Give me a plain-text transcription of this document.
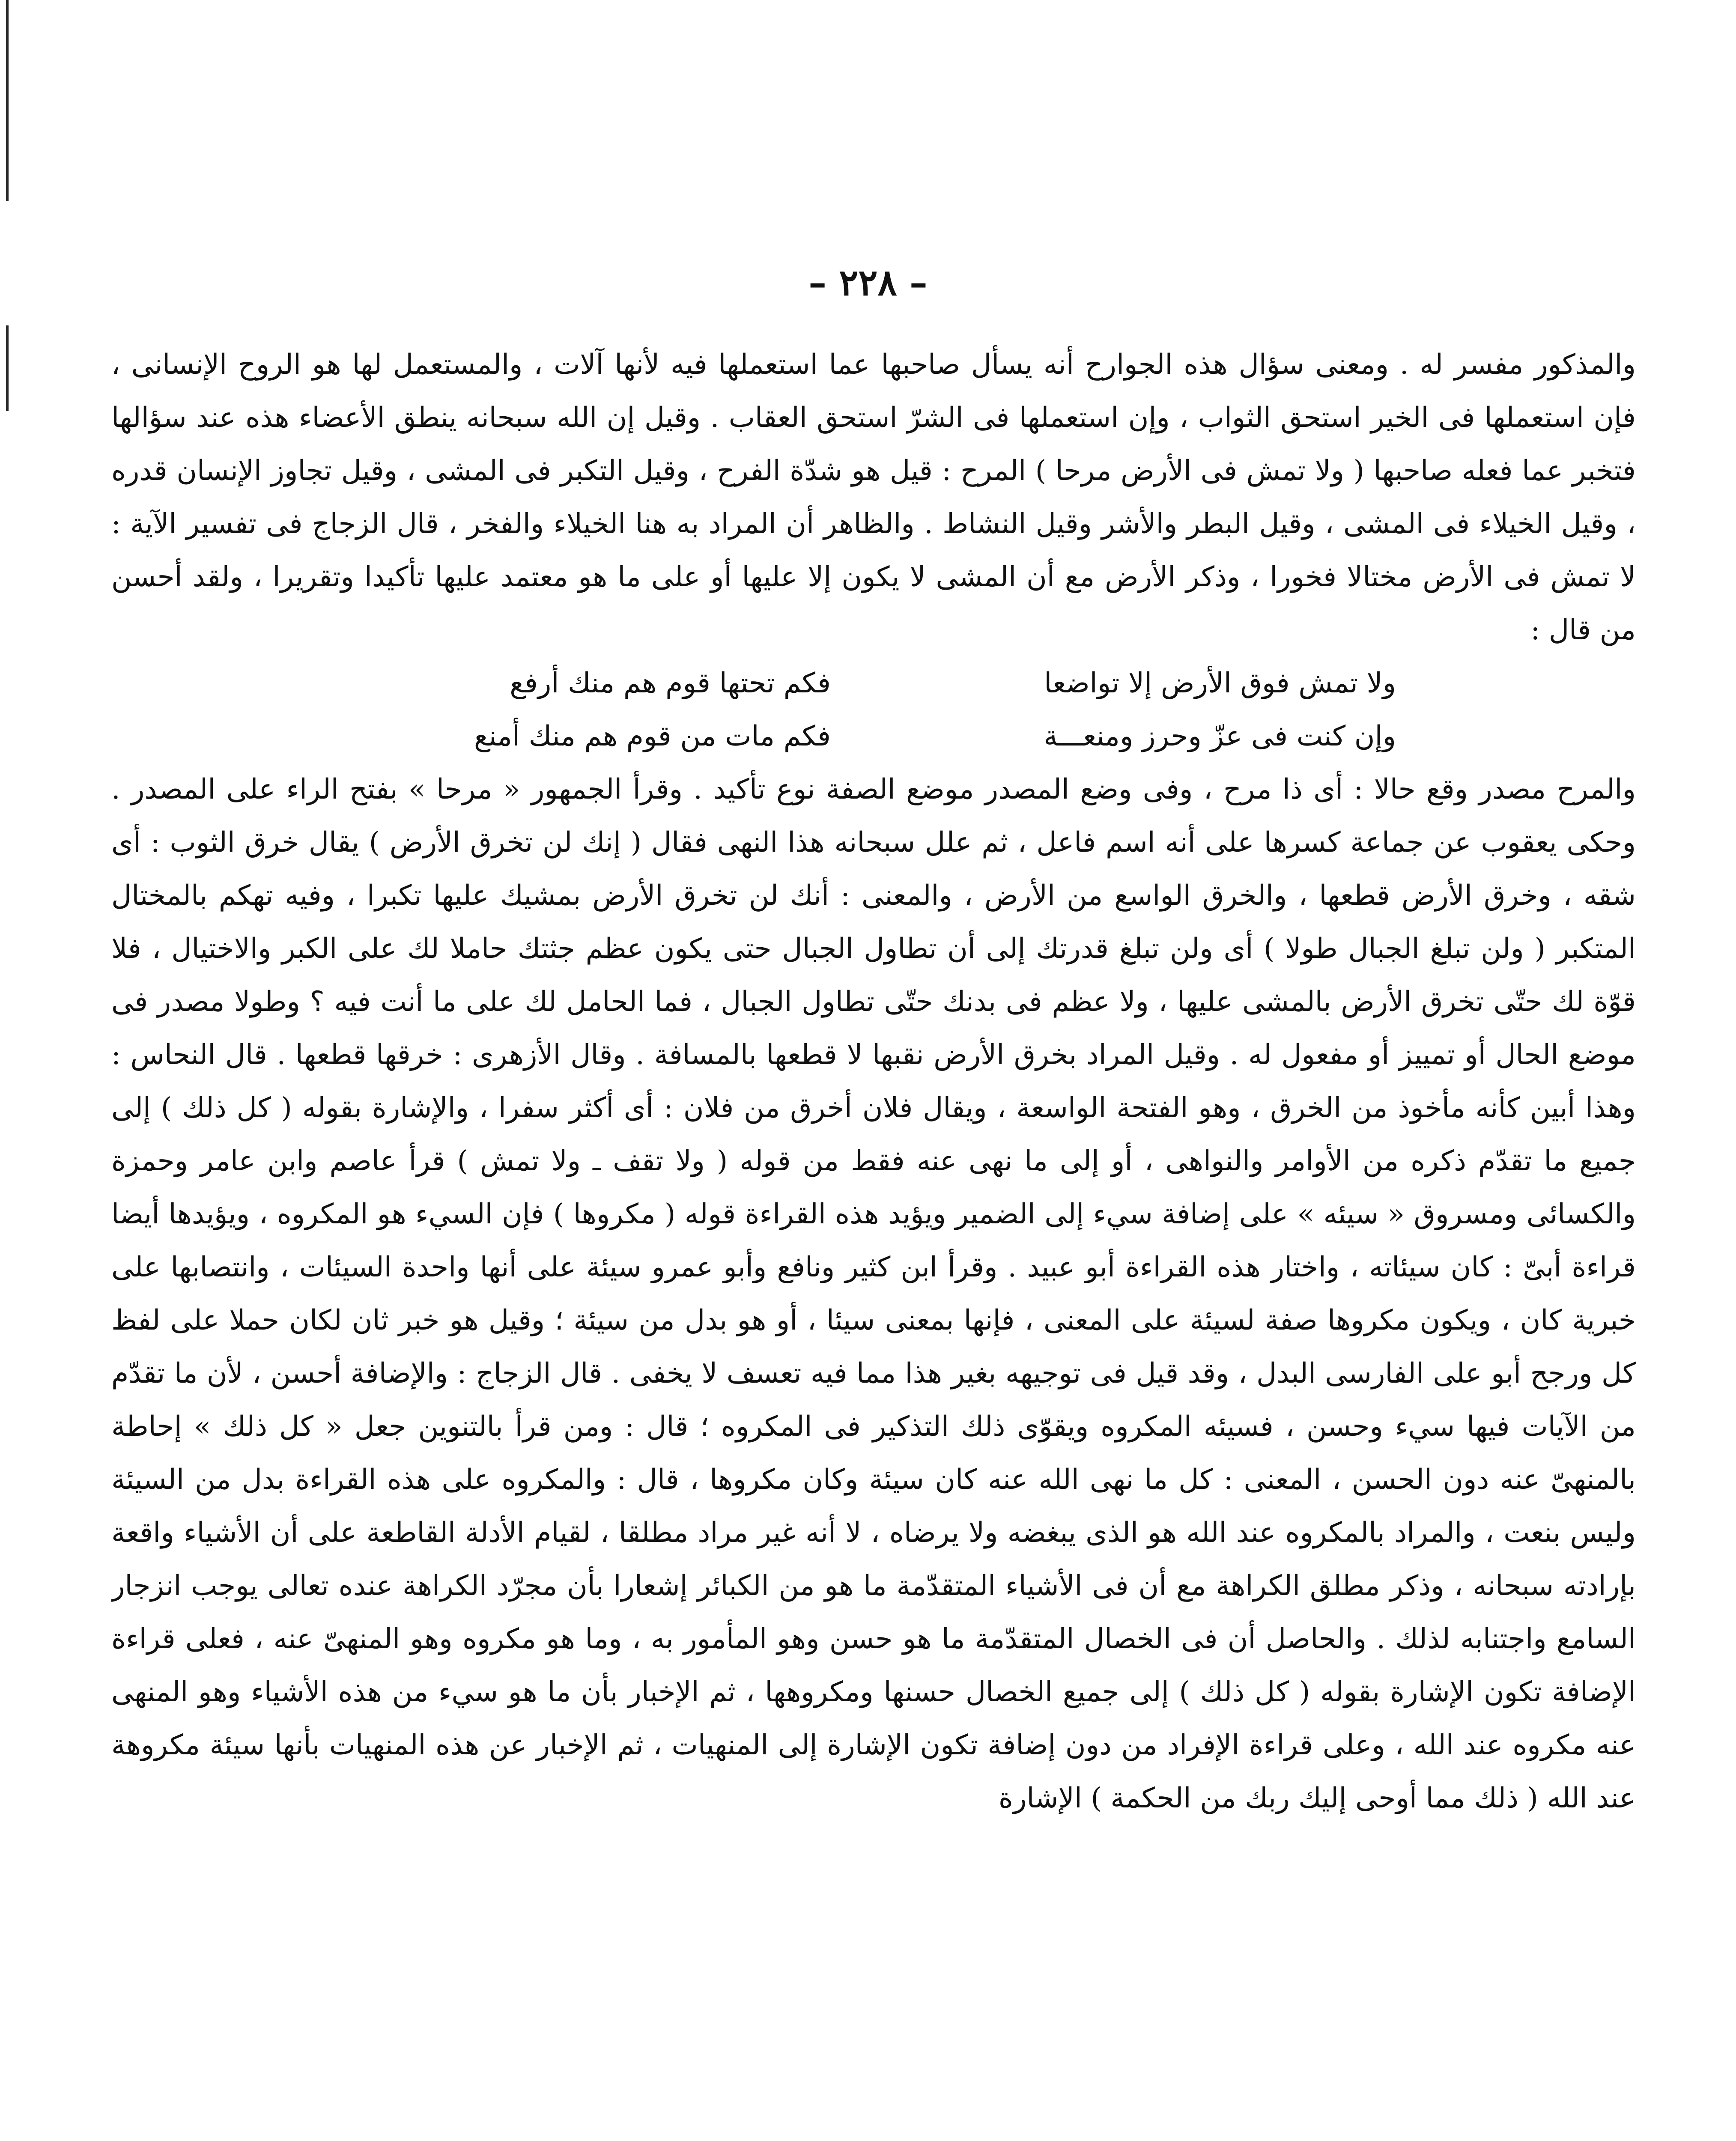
– ٢٢٨ –

والمذكور مفسر له . ومعنى سؤال هذه الجوارح أنه يسأل صاحبها عما استعملها فيه لأنها آلات ، والمستعمل لها هو الروح الإنسانى ، فإن استعملها فى الخير استحق الثواب ، وإن استعملها فى الشرّ استحق العقاب . وقيل إن الله سبحانه ينطق الأعضاء هذه عند سؤالها فتخبر عما فعله صاحبها ( ولا تمش فى الأرض مرحا ) المرح : قيل هو شدّة الفرح ، وقيل التكبر فى المشى ، وقيل تجاوز الإنسان قدره ، وقيل الخيلاء فى المشى ، وقيل البطر والأشر وقيل النشاط . والظاهر أن المراد به هنا الخيلاء والفخر ، قال الزجاج فى تفسير الآية : لا تمش فى الأرض مختالا فخورا ، وذكر الأرض مع أن المشى لا يكون إلا عليها أو على ما هو معتمد عليها تأكيدا وتقريرا ، ولقد أحسن من قال :

ولا تمش فوق الأرض إلا تواضعا
فكم تحتها قوم هم منك أرفع
وإن كنت فى عزّ وحرز ومنعـــة
فكم مات من قوم هم منك أمنع

والمرح مصدر وقع حالا : أى ذا مرح ، وفى وضع المصدر موضع الصفة نوع تأكيد . وقرأ الجمهور « مرحا » بفتح الراء على المصدر . وحكى يعقوب عن جماعة كسرها على أنه اسم فاعل ، ثم علل سبحانه هذا النهى فقال ( إنك لن تخرق الأرض ) يقال خرق الثوب : أى شقه ، وخرق الأرض قطعها ، والخرق الواسع من الأرض ، والمعنى : أنك لن تخرق الأرض بمشيك عليها تكبرا ، وفيه تهكم بالمختال المتكبر ( ولن تبلغ الجبال طولا ) أى ولن تبلغ قدرتك إلى أن تطاول الجبال حتى يكون عظم جثتك حاملا لك على الكبر والاختيال ، فلا قوّة لك حتّى تخرق الأرض بالمشى عليها ، ولا عظم فى بدنك حتّى تطاول الجبال ، فما الحامل لك على ما أنت فيه ؟ وطولا مصدر فى موضع الحال أو تمييز أو مفعول له . وقيل المراد بخرق الأرض نقبها لا قطعها بالمسافة . وقال الأزهرى : خرقها قطعها . قال النحاس : وهذا أبين كأنه مأخوذ من الخرق ، وهو الفتحة الواسعة ، ويقال فلان أخرق من فلان : أى أكثر سفرا ، والإشارة بقوله ( كل ذلك ) إلى جميع ما تقدّم ذكره من الأوامر والنواهى ، أو إلى ما نهى عنه فقط من قوله ( ولا تقف ـ ولا تمش ) قرأ عاصم وابن عامر وحمزة والكسائى ومسروق « سيئه » على إضافة سيء إلى الضمير ويؤيد هذه القراءة قوله ( مكروها ) فإن السيء هو المكروه ، ويؤيدها أيضا قراءة أبىّ : كان سيئاته ، واختار هذه القراءة أبو عبيد . وقرأ ابن كثير ونافع وأبو عمرو سيئة على أنها واحدة السيئات ، وانتصابها على خبرية كان ، ويكون مكروها صفة لسيئة على المعنى ، فإنها بمعنى سيئا ، أو هو بدل من سيئة ؛ وقيل هو خبر ثان لكان حملا على لفظ كل ورجح أبو على الفارسى البدل ، وقد قيل فى توجيهه بغير هذا مما فيه تعسف لا يخفى . قال الزجاج : والإضافة أحسن ، لأن ما تقدّم من الآيات فيها سيء وحسن ، فسيئه المكروه ويقوّى ذلك التذكير فى المكروه ؛ قال : ومن قرأ بالتنوين جعل « كل ذلك » إحاطة بالمنهىّ عنه دون الحسن ، المعنى : كل ما نهى الله عنه كان سيئة وكان مكروها ، قال : والمكروه على هذه القراءة بدل من السيئة وليس بنعت ، والمراد بالمكروه عند الله هو الذى يبغضه ولا يرضاه ، لا أنه غير مراد مطلقا ، لقيام الأدلة القاطعة على أن الأشياء واقعة بإرادته سبحانه ، وذكر مطلق الكراهة مع أن فى الأشياء المتقدّمة ما هو من الكبائر إشعارا بأن مجرّد الكراهة عنده تعالى يوجب انزجار السامع واجتنابه لذلك . والحاصل أن فى الخصال المتقدّمة ما هو حسن وهو المأمور به ، وما هو مكروه وهو المنهىّ عنه ، فعلى قراءة الإضافة تكون الإشارة بقوله ( كل ذلك ) إلى جميع الخصال حسنها ومكروهها ، ثم الإخبار بأن ما هو سيء من هذه الأشياء وهو المنهى عنه مكروه عند الله ، وعلى قراءة الإفراد من دون إضافة تكون الإشارة إلى المنهيات ، ثم الإخبار عن هذه المنهيات بأنها سيئة مكروهة عند الله ( ذلك مما أوحى إليك ربك من الحكمة ) الإشارة
